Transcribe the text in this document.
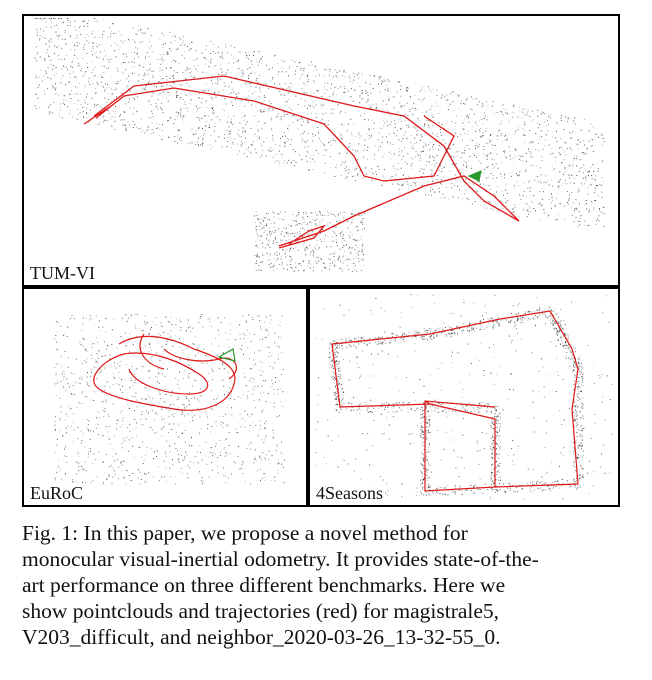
TUM-VI
EuRoC	4Seasons
Fig. 1: In this paper, we propose a novel method for
monocular visual-inertial odometry. It provides state-of-the-
art performance on three different benchmarks. Here we
show pointclouds and trajectories (red) for magistrale5,
V203_difficult, and neighbor_2020-03-26_13-32-55_0.
